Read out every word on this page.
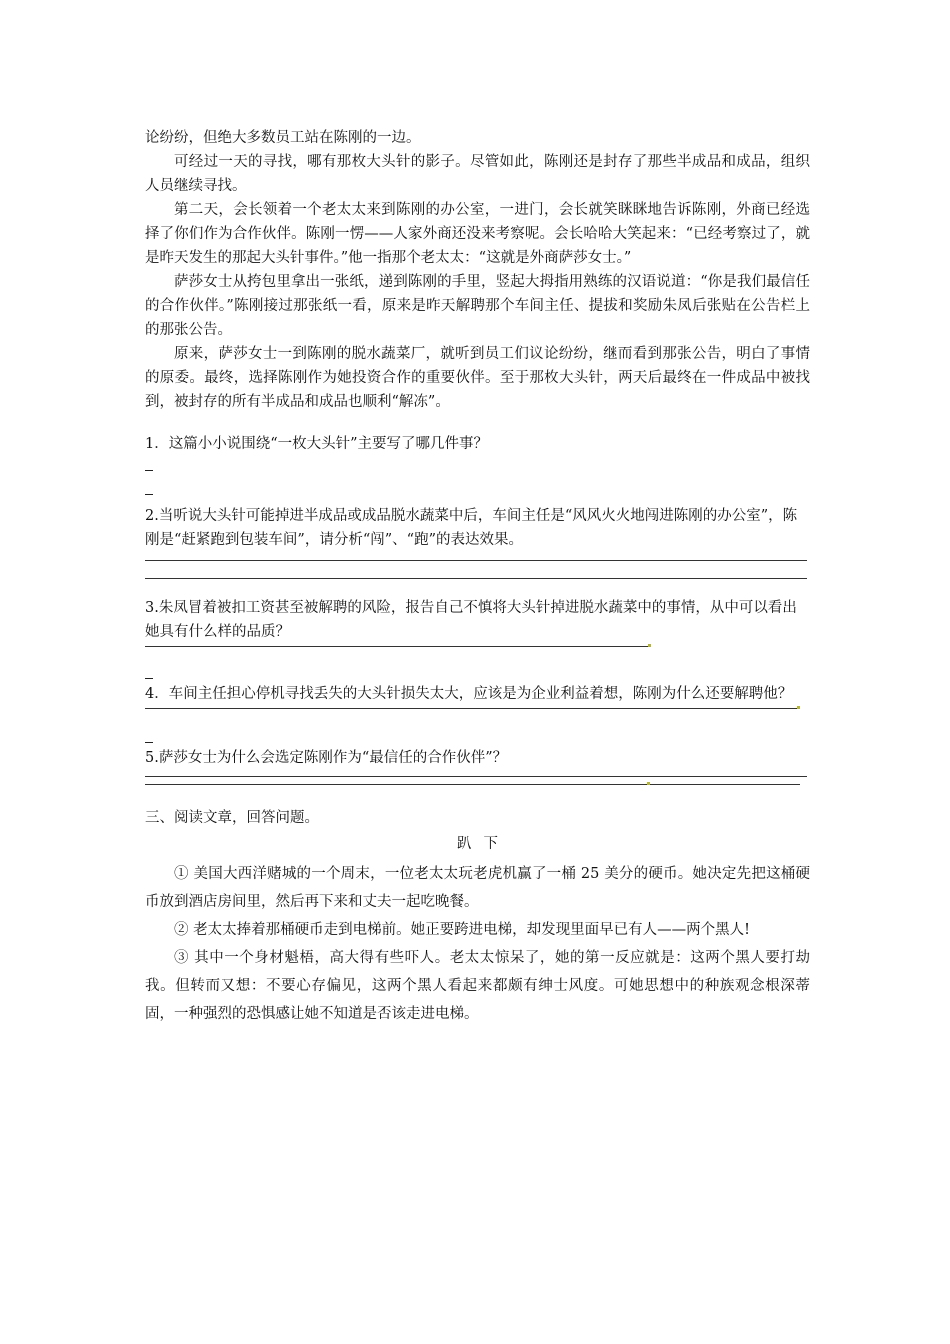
论纷纷，但绝大多数员工站在陈刚的一边。

可经过一天的寻找，哪有那枚大头针的影子。尽管如此，陈刚还是封存了那些半成品和成品，组织人员继续寻找。

第二天，会长领着一个老太太来到陈刚的办公室，一进门，会长就笑眯眯地告诉陈刚，外商已经选择了你们作为合作伙伴。陈刚一愣——人家外商还没来考察呢。会长哈哈大笑起来：“已经考察过了，就是昨天发生的那起大头针事件。”他一指那个老太太：“这就是外商萨莎女士。”

萨莎女士从挎包里拿出一张纸，递到陈刚的手里，竖起大拇指用熟练的汉语说道：“你是我们最信任的合作伙伴。”陈刚接过那张纸一看，原来是昨天解聘那个车间主任、提拔和奖励朱凤后张贴在公告栏上的那张公告。

原来，萨莎女士一到陈刚的脱水蔬菜厂，就听到员工们议论纷纷，继而看到那张公告，明白了事情的原委。最终，选择陈刚作为她投资合作的重要伙伴。至于那枚大头针，两天后最终在一件成品中被找到，被封存的所有半成品和成品也顺利“解冻”。

1．这篇小小说围绕“一枚大头针”主要写了哪几件事？

2.当听说大头针可能掉进半成品或成品脱水蔬菜中后，车间主任是“风风火火地闯进陈刚的办公室”，陈刚是“赶紧跑到包装车间”，请分析“闯”、“跑”的表达效果。

3.朱凤冒着被扣工资甚至被解聘的风险，报告自己不慎将大头针掉进脱水蔬菜中的事情，从中可以看出她具有什么样的品质？

4．车间主任担心停机寻找丢失的大头针损失太大，应该是为企业利益着想，陈刚为什么还要解聘他？

5.萨莎女士为什么会选定陈刚作为“最信任的合作伙伴”？

三、阅读文章，回答问题。

趴下

① 美国大西洋赌城的一个周末，一位老太太玩老虎机赢了一桶 25 美分的硬币。她决定先把这桶硬币放到酒店房间里，然后再下来和丈夫一起吃晚餐。

② 老太太捧着那桶硬币走到电梯前。她正要跨进电梯，却发现里面早已有人——两个黑人!

③ 其中一个身材魁梧，高大得有些吓人。老太太惊呆了，她的第一反应就是：这两个黑人要打劫我。但转而又想：不要心存偏见，这两个黑人看起来都颇有绅士风度。可她思想中的种族观念根深蒂固，一种强烈的恐惧感让她不知道是否该走进电梯。
